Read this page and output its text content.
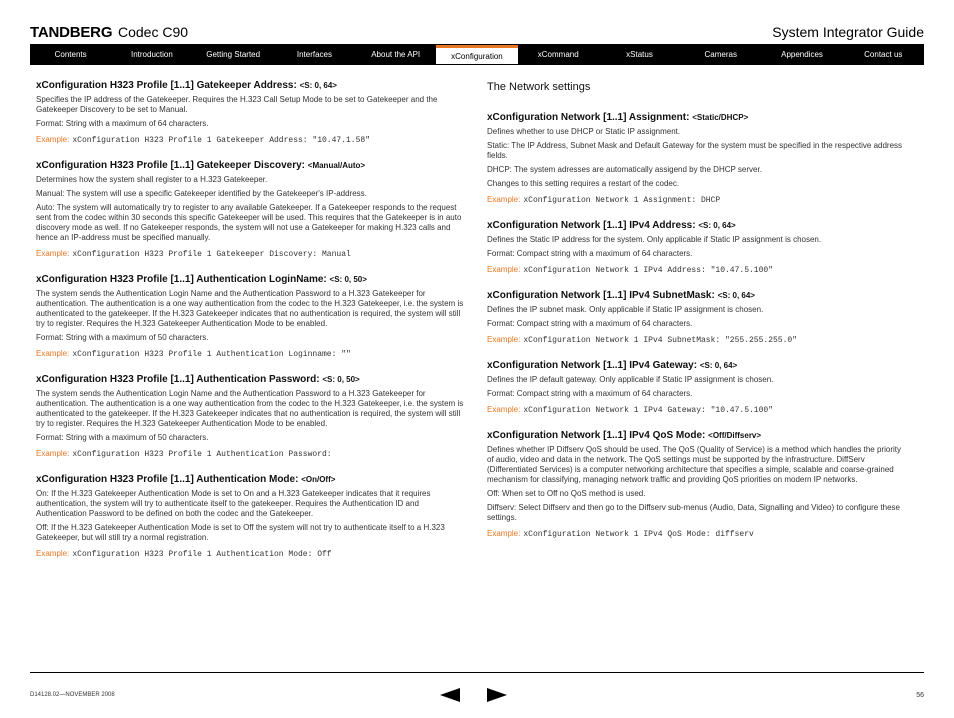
TANDBERG Codec C90	System Integrator Guide
Contents	Introduction	Getting Started	Interfaces	About the API	xConfiguration	xCommand	xStatus	Cameras	Appendices	Contact us
xConfiguration H323 Profile [1..1] Gatekeeper Address: <S: 0, 64>

Specifies the IP address of the Gatekeeper. Requires the H.323 Call Setup Mode to be set to Gatekeeper and the Gatekeeper Discovery to be set to Manual.

Format: String with a maximum of 64 characters.

Example: xConfiguration H323 Profile 1 Gatekeeper Address: "10.47.1.58"
xConfiguration H323 Profile [1..1] Gatekeeper Discovery: <Manual/Auto>

Determines how the system shall register to a H.323 Gatekeeper.

Manual: The system will use a specific Gatekeeper identified by the Gatekeeper's IP-address.

Auto: The system will automatically try to register to any available Gatekeeper. If a Gatekeeper responds to the request sent from the codec within 30 seconds this specific Gatekeeper will be used. This requires that the Gatekeeper is in auto discovery mode as well. If no Gatekeeper responds, the system will not use a Gatekeeper for making H.323 calls and hence an IP-address must be specified manually.

Example: xConfiguration H323 Profile 1 Gatekeeper Discovery: Manual
xConfiguration H323 Profile [1..1] Authentication LoginName: <S: 0, 50>

The system sends the Authentication Login Name and the Authentication Password to a H.323 Gatekeeper for authentication. The authentication is a one way authentication from the codec to the H.323 Gatekeeper, i.e. the system is authenticated to the gatekeeper. If the H.323 Gatekeeper indicates that no authentication is required, the system will still try to register. Requires the H.323 Gatekeeper Authentication Mode to be enabled.

Format: String with a maximum of 50 characters.

Example: xConfiguration H323 Profile 1 Authentication Loginname: ""
xConfiguration H323 Profile [1..1] Authentication Password: <S: 0, 50>

The system sends the Authentication Login Name and the Authentication Password to a H.323 Gatekeeper for authentication. The authentication is a one way authentication from the codec to the H.323 Gatekeeper, i.e. the system is authenticated to the gatekeeper. If the H.323 Gatekeeper indicates that no authentication is required, the system will still try to register. Requires the H.323 Gatekeeper Authentication Mode to be enabled.

Format: String with a maximum of 50 characters.

Example: xConfiguration H323 Profile 1 Authentication Password:
xConfiguration H323 Profile [1..1] Authentication Mode: <On/Off>

On: If the H.323 Gatekeeper Authentication Mode is set to On and a H.323 Gatekeeper indicates that it requires authentication, the system will try to authenticate itself to the gatekeeper. Requires the Authentication ID and Authentication Password to be defined on both the codec and the Gatekeeper.

Off: If the H.323 Gatekeeper Authentication Mode is set to Off the system will not try to authenticate itself to a H.323 Gatekeeper, but will still try a normal registration.

Example: xConfiguration H323 Profile 1 Authentication Mode: Off
The Network settings
xConfiguration Network [1..1] Assignment: <Static/DHCP>

Defines whether to use DHCP or Static IP assignment.

Static: The IP Address, Subnet Mask and Default Gateway for the system must be specified in the respective address fields.

DHCP: The system adresses are automatically assigend by the DHCP server.

Changes to this setting requires a restart of the codec.

Example: xConfiguration Network 1 Assignment: DHCP
xConfiguration Network [1..1] IPv4 Address: <S: 0, 64>

Defines the Static IP address for the system. Only applicable if Static IP assignment is chosen.

Format: Compact string with a maximum of 64 characters.

Example: xConfiguration Network 1 IPv4 Address: "10.47.5.100"
xConfiguration Network [1..1] IPv4 SubnetMask: <S: 0, 64>

Defines the IP subnet mask. Only applicable if Static IP assignment is chosen.

Format: Compact string with a maximum of 64 characters.

Example: xConfiguration Network 1 IPv4 SubnetMask: "255.255.255.0"
xConfiguration Network [1..1] IPv4 Gateway: <S: 0, 64>

Defines the IP default gateway. Only applicable if Static IP assignment is chosen.

Format: Compact string with a maximum of 64 characters.

Example: xConfiguration Network 1 IPv4 Gateway: "10.47.5.100"
xConfiguration Network [1..1] IPv4 QoS Mode: <Off/Diffserv>

Defines whether IP Diffserv QoS should be used. The QoS (Quality of Service) is a method which handles the priority of audio, video and data in the network. The QoS settings must be supported by the infrastructure. DiffServ (Differentiated Services) is a computer networking architecture that specifies a simple, scalable and coarse-grained mechanism for classifying, managing network traffic and providing QoS priorities on modern IP networks.

Off: When set to Off no QoS method is used.

Diffserv: Select Diffserv and then go to the Diffserv sub-menus (Audio, Data, Signalling and Video) to configure these settings.

Example: xConfiguration Network 1 IPv4 QoS Mode: diffserv
D14128.02—NOVEMBER 2008	56
